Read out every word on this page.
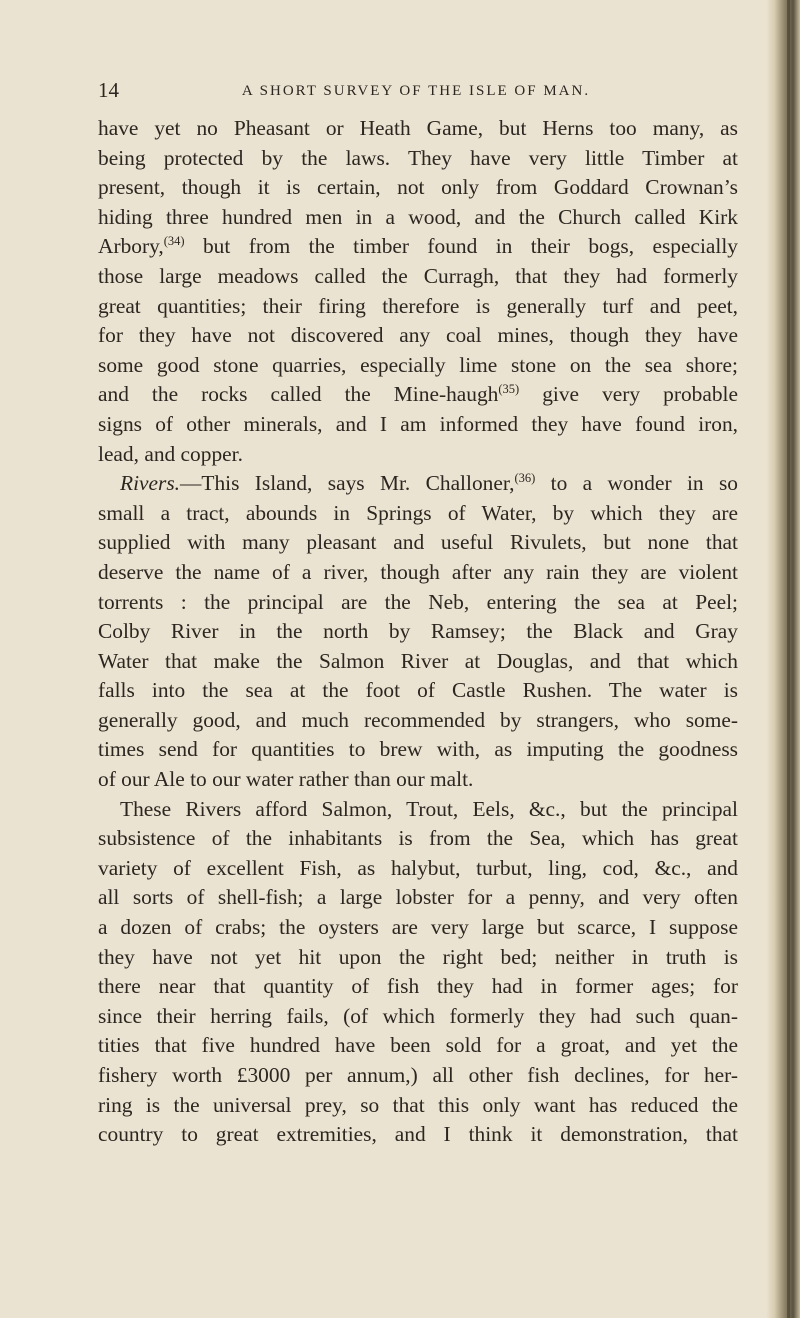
14	A SHORT SURVEY OF THE ISLE OF MAN.
have yet no Pheasant or Heath Game, but Herns too many, as
being protected by the laws. They have very little Timber at
present, though it is certain, not only from Goddard Crownan’s
hiding three hundred men in a wood, and the Church called Kirk
Arbory,$^{(34)}$ but from the timber found in their bogs, especially
those large meadows called the Curragh, that they had formerly
great quantities; their firing therefore is generally turf and peet,
for they have not discovered any coal mines, though they have
some good stone quarries, especially lime stone on the sea shore;
and the rocks called the Mine-haugh$^{(35)}$ give very probable
signs of other minerals, and I am informed they have found iron,
lead, and copper.
Rivers.—This Island, says Mr. Challoner,$^{(36)}$ to a wonder in so
small a tract, abounds in Springs of Water, by which they are
supplied with many pleasant and useful Rivulets, but none that
deserve the name of a river, though after any rain they are violent
torrents : the principal are the Neb, entering the sea at Peel;
Colby River in the north by Ramsey; the Black and Gray
Water that make the Salmon River at Douglas, and that which
falls into the sea at the foot of Castle Rushen. The water is
generally good, and much recommended by strangers, who some-
times send for quantities to brew with, as imputing the goodness
of our Ale to our water rather than our malt.
These Rivers afford Salmon, Trout, Eels, &c., but the principal
subsistence of the inhabitants is from the Sea, which has great
variety of excellent Fish, as halybut, turbut, ling, cod, &c., and
all sorts of shell-fish; a large lobster for a penny, and very often
a dozen of crabs; the oysters are very large but scarce, I suppose
they have not yet hit upon the right bed; neither in truth is
there near that quantity of fish they had in former ages; for
since their herring fails, (of which formerly they had such quan-
tities that five hundred have been sold for a groat, and yet the
fishery worth £3000 per annum,) all other fish declines, for her-
ring is the universal prey, so that this only want has reduced the
country to great extremities, and I think it demonstration, that
